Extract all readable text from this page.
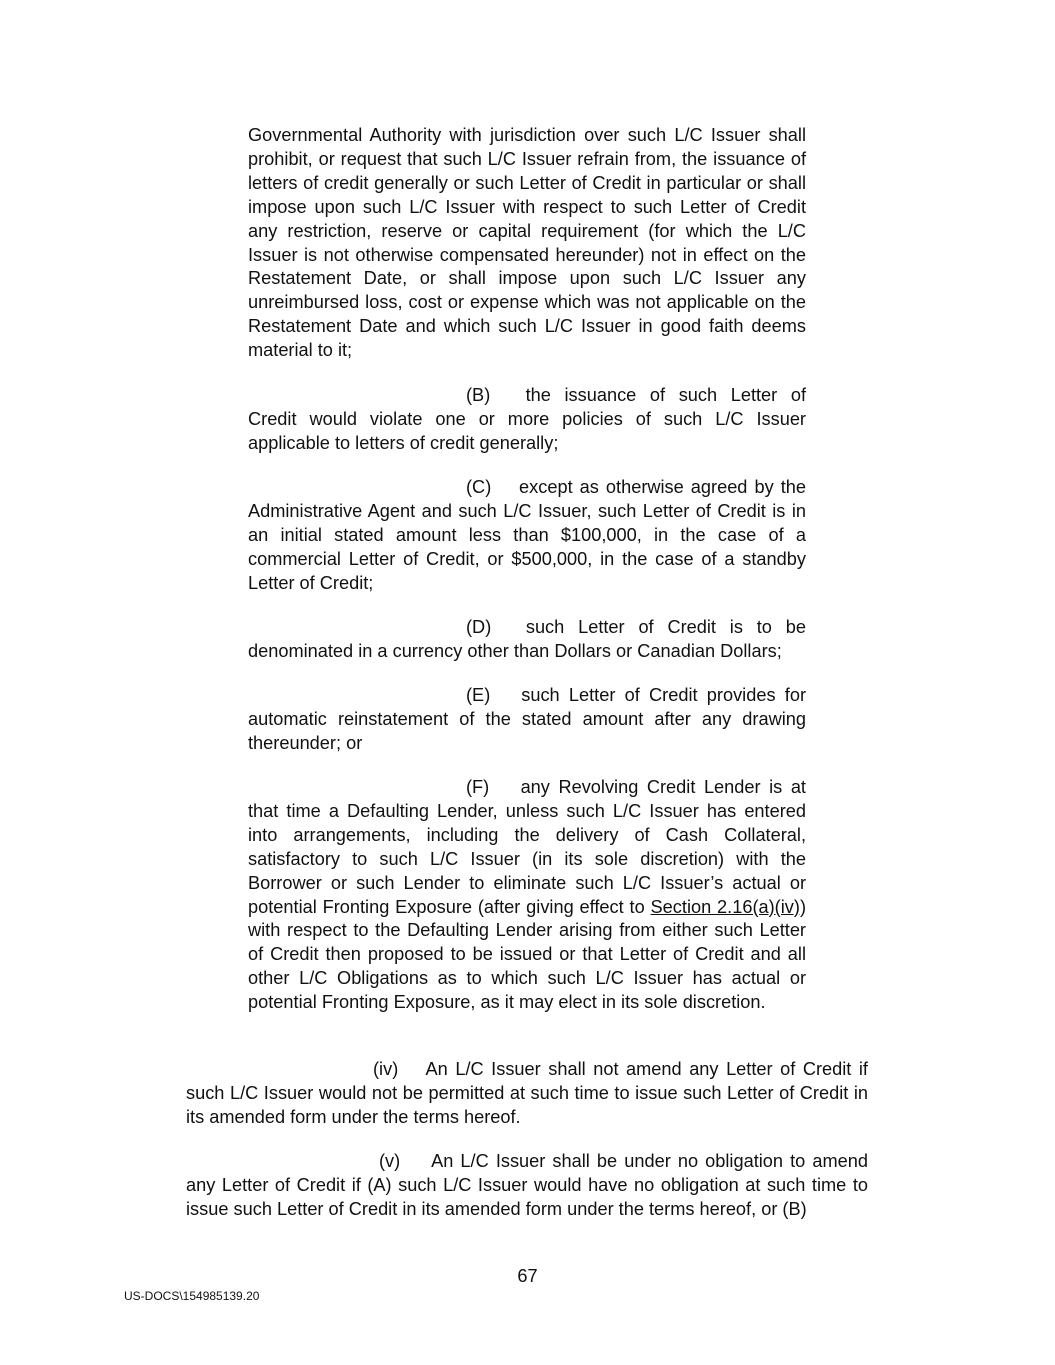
Governmental Authority with jurisdiction over such L/C Issuer shall prohibit, or request that such L/C Issuer refrain from, the issuance of letters of credit generally or such Letter of Credit in particular or shall impose upon such L/C Issuer with respect to such Letter of Credit any restriction, reserve or capital requirement (for which the L/C Issuer is not otherwise compensated hereunder) not in effect on the Restatement Date, or shall impose upon such L/C Issuer any unreimbursed loss, cost or expense which was not applicable on the Restatement Date and which such L/C Issuer in good faith deems material to it;

(B) the issuance of such Letter of Credit would violate one or more policies of such L/C Issuer applicable to letters of credit generally;

(C) except as otherwise agreed by the Administrative Agent and such L/C Issuer, such Letter of Credit is in an initial stated amount less than $100,000, in the case of a commercial Letter of Credit, or $500,000, in the case of a standby Letter of Credit;

(D) such Letter of Credit is to be denominated in a currency other than Dollars or Canadian Dollars;

(E) such Letter of Credit provides for automatic reinstatement of the stated amount after any drawing thereunder; or

(F) any Revolving Credit Lender is at that time a Defaulting Lender, unless such L/C Issuer has entered into arrangements, including the delivery of Cash Collateral, satisfactory to such L/C Issuer (in its sole discretion) with the Borrower or such Lender to eliminate such L/C Issuer’s actual or potential Fronting Exposure (after giving effect to Section 2.16(a)(iv)) with respect to the Defaulting Lender arising from either such Letter of Credit then proposed to be issued or that Letter of Credit and all other L/C Obligations as to which such L/C Issuer has actual or potential Fronting Exposure, as it may elect in its sole discretion.

(iv) An L/C Issuer shall not amend any Letter of Credit if such L/C Issuer would not be permitted at such time to issue such Letter of Credit in its amended form under the terms hereof.

(v) An L/C Issuer shall be under no obligation to amend any Letter of Credit if (A) such L/C Issuer would have no obligation at such time to issue such Letter of Credit in its amended form under the terms hereof, or (B)

67
US-DOCS\154985139.20
